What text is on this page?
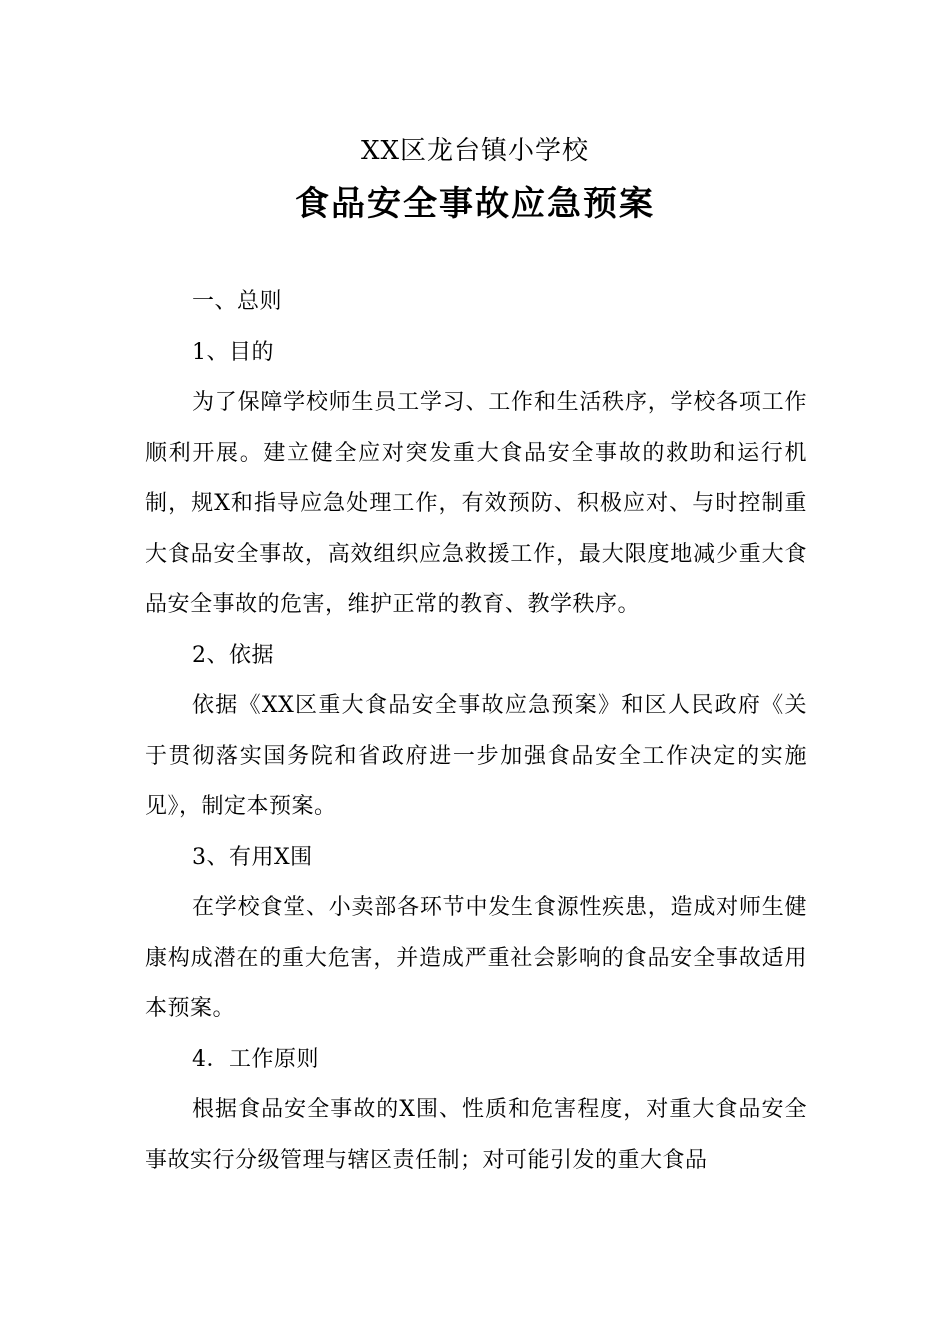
XX区龙台镇小学校
食品安全事故应急预案

一、总则

1、目的

为了保障学校师生员工学习、工作和生活秩序，学校各项工作顺利开展。建立健全应对突发重大食品安全事故的救助和运行机制，规X和指导应急处理工作，有效预防、积极应对、与时控制重大食品安全事故，高效组织应急救援工作，最大限度地减少重大食品安全事故的危害，维护正常的教育、教学秩序。

2、依据

依据《XX区重大食品安全事故应急预案》和区人民政府《关于贯彻落实国务院和省政府进一步加强食品安全工作决定的实施见》，制定本预案。

3、有用X围

在学校食堂、小卖部各环节中发生食源性疾患，造成对师生健康构成潜在的重大危害，并造成严重社会影响的食品安全事故适用本预案。

4．工作原则

根据食品安全事故的X围、性质和危害程度，对重大食品安全事故实行分级管理与辖区责任制；对可能引发的重大食品
